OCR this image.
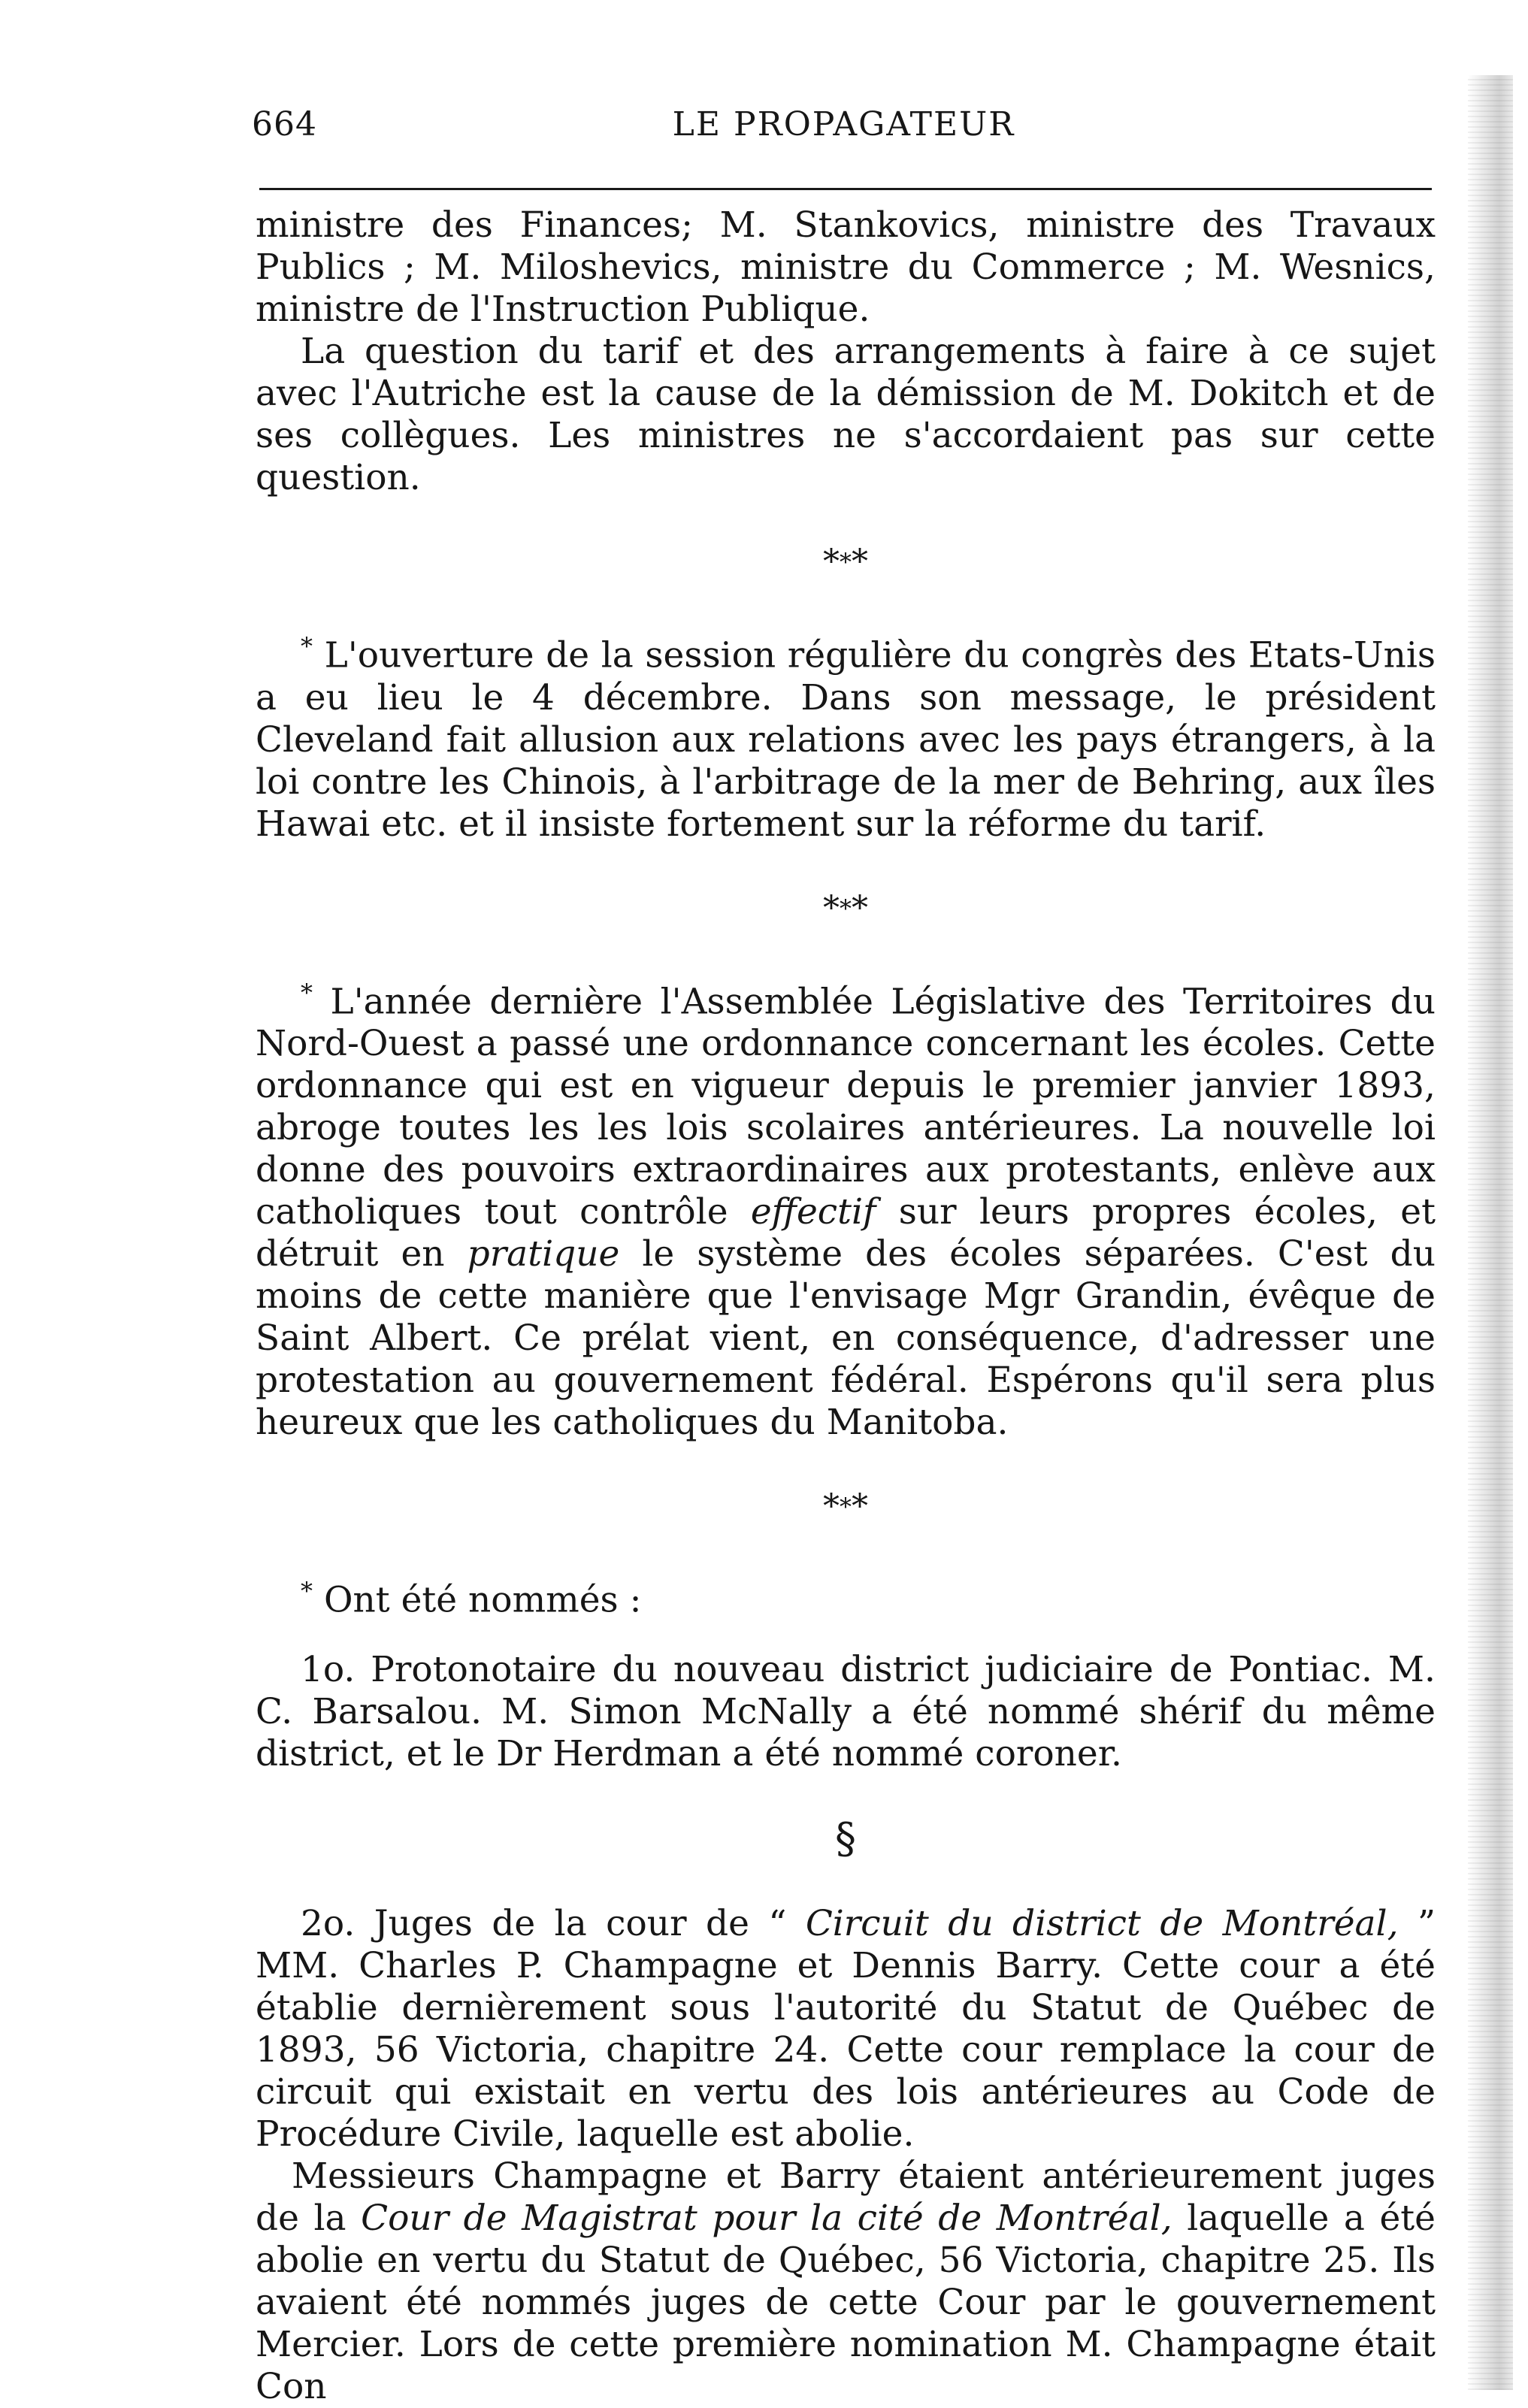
664	LE PROPAGATEUR

ministre des Finances; M. Stankovics, ministre des Travaux Publics ; M. Miloshevics, ministre du Commerce ; M. Wesnics, ministre de l'Instruction Publique.

La question du tarif et des arrangements à faire à ce sujet avec l'Autriche est la cause de la démission de M. Dokitch et de ses collègues. Les ministres ne s'accordaient pas sur cette question.

* * *

* L'ouverture de la session régulière du congrès des Etats-Unis a eu lieu le 4 décembre. Dans son message, le président Cleveland fait allusion aux relations avec les pays étrangers, à la loi contre les Chinois, à l'arbitrage de la mer de Behring, aux îles Hawai etc. et il insiste fortement sur la réforme du tarif.

* * *

* L'année dernière l'Assemblée Législative des Territoires du Nord-Ouest a passé une ordonnance concernant les écoles. Cette ordonnance qui est en vigueur depuis le premier janvier 1893, abroge toutes les les lois scolaires antérieures. La nouvelle loi donne des pouvoirs extraordinaires aux protestants, enlève aux catholiques tout contrôle effectif sur leurs propres écoles, et détruit en pratique le système des écoles séparées. C'est du moins de cette manière que l'envisage Mgr Grandin, évêque de Saint Albert. Ce prélat vient, en conséquence, d'adresser une protestation au gouvernement fédéral. Espérons qu'il sera plus heureux que les catholiques du Manitoba.

* * *

* Ont été nommés :

1o. Protonotaire du nouveau district judiciaire de Pontiac. M. C. Barsalou. M. Simon McNally a été nommé shérif du même district, et le Dr Herdman a été nommé coroner.

§

2o. Juges de la cour de “ Circuit du district de Montréal, ” MM. Charles P. Champagne et Dennis Barry. Cette cour a été établie dernièrement sous l'autorité du Statut de Québec de 1893, 56 Victoria, chapitre 24. Cette cour remplace la cour de circuit qui existait en vertu des lois antérieures au Code de Procédure Civile, laquelle est abolie.

Messieurs Champagne et Barry étaient antérieurement juges de la Cour de Magistrat pour la cité de Montréal, laquelle a été abolie en vertu du Statut de Québec, 56 Victoria, chapitre 25. Ils avaient été nommés juges de cette Cour par le gouvernement Mercier. Lors de cette première nomination M. Champagne était Con
